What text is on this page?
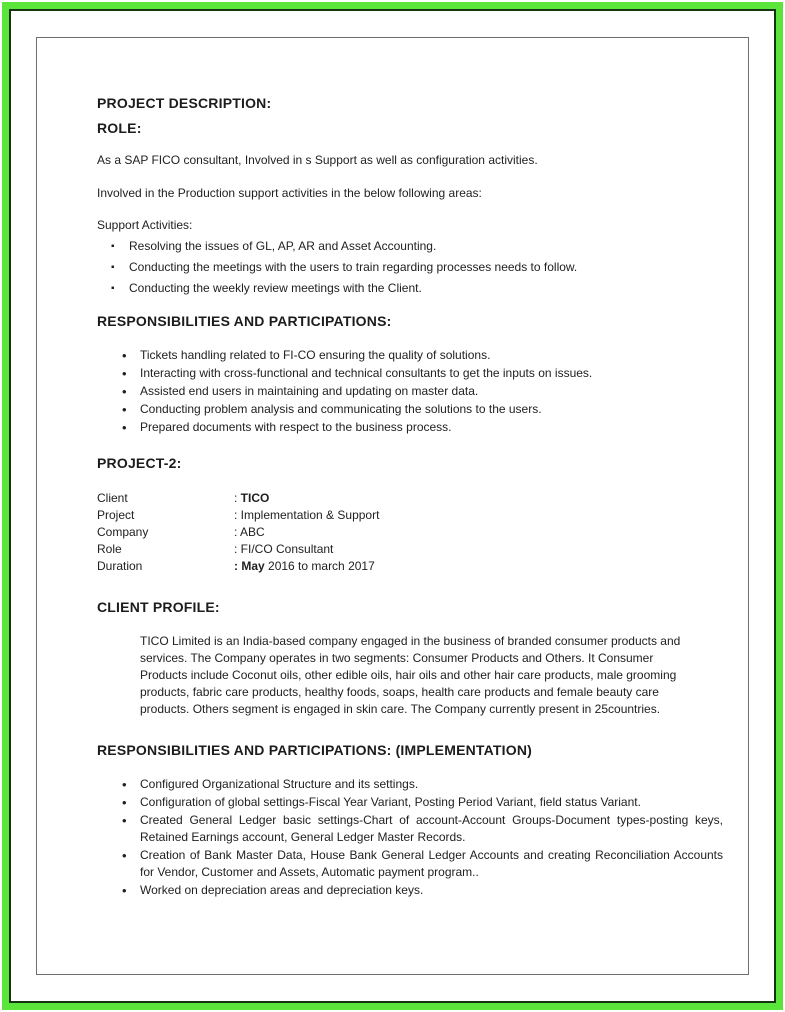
PROJECT DESCRIPTION:
ROLE:

As a SAP FICO consultant, Involved in s Support as well as configuration activities.

Involved in the Production support activities in the below following areas:

Support Activities:

▪ Resolving the issues of GL, AP, AR and Asset Accounting.
▪ Conducting the meetings with the users to train regarding processes needs to follow.
▪ Conducting the weekly review meetings with the Client.
RESPONSIBILITIES AND PARTICIPATIONS:
• Tickets handling related to FI-CO ensuring the quality of solutions.
• Interacting with cross-functional and technical consultants to get the inputs on issues.
• Assisted end users in maintaining and updating on master data.
• Conducting problem analysis and communicating the solutions to the users.
• Prepared documents with respect to the business process.
PROJECT-2:
Client	: TICO
Project	: Implementation & Support
Company	: ABC
Role	: FI/CO Consultant
Duration	: May 2016 to march 2017
CLIENT PROFILE:

TICO Limited is an India-based company engaged in the business of branded consumer products and services. The Company operates in two segments: Consumer Products and Others. It Consumer Products include Coconut oils, other edible oils, hair oils and other hair care products, male grooming products, fabric care products, healthy foods, soaps, health care products and female beauty care products. Others segment is engaged in skin care. The Company currently present in 25countries.

RESPONSIBILITIES AND PARTICIPATIONS: (IMPLEMENTATION)
• Configured Organizational Structure and its settings.
• Configuration of global settings-Fiscal Year Variant, Posting Period Variant, field status Variant.
• Created General Ledger basic settings-Chart of account-Account Groups-Document types-posting keys, Retained Earnings account, General Ledger Master Records.
• Creation of Bank Master Data, House Bank General Ledger Accounts and creating Reconciliation Accounts for Vendor, Customer and Assets, Automatic payment program..
• Worked on depreciation areas and depreciation keys.
